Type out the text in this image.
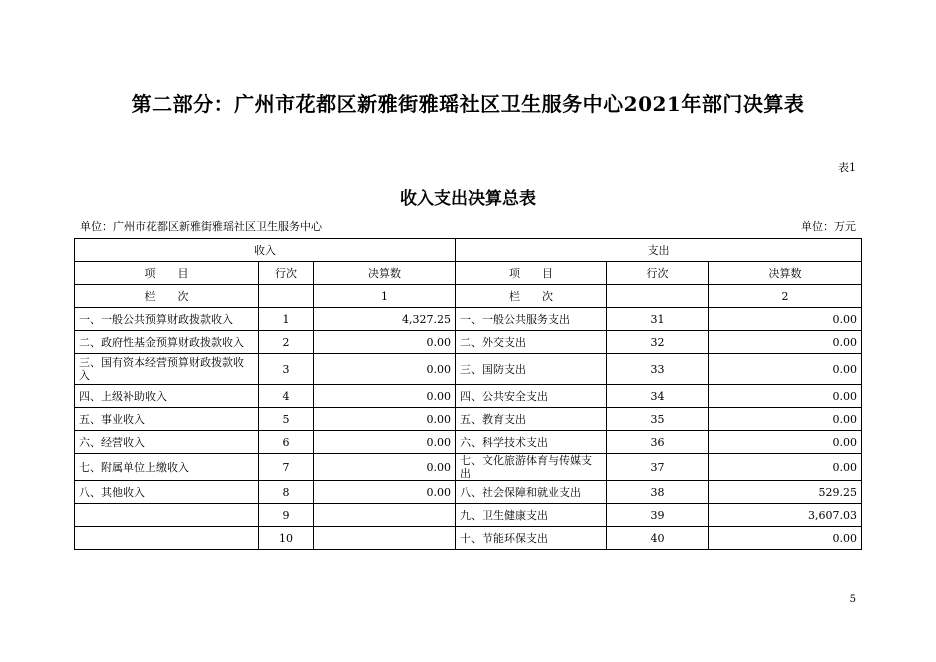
第二部分：广州市花都区新雅街雅瑶社区卫生服务中心2021年部门决算表
表1
收入支出决算总表
单位：广州市花都区新雅街雅瑶社区卫生服务中心	单位：万元
收入			支出		
项　　目	行次	决算数	项　　目	行次	决算数
栏　　次		1	栏　　次		2
一、一般公共预算财政拨款收入	1	4,327.25	一、一般公共服务支出	31	0.00
二、政府性基金预算财政拨款收入	2	0.00	二、外交支出	32	0.00
三、国有资本经营预算财政拨款收入	3	0.00	三、国防支出	33	0.00
四、上级补助收入	4	0.00	四、公共安全支出	34	0.00
五、事业收入	5	0.00	五、教育支出	35	0.00
六、经营收入	6	0.00	六、科学技术支出	36	0.00
七、附属单位上缴收入	7	0.00	七、文化旅游体育与传媒支出	37	0.00
八、其他收入	8	0.00	八、社会保障和就业支出	38	529.25
	9		九、卫生健康支出	39	3,607.03
	10		十、节能环保支出	40	0.00
5
